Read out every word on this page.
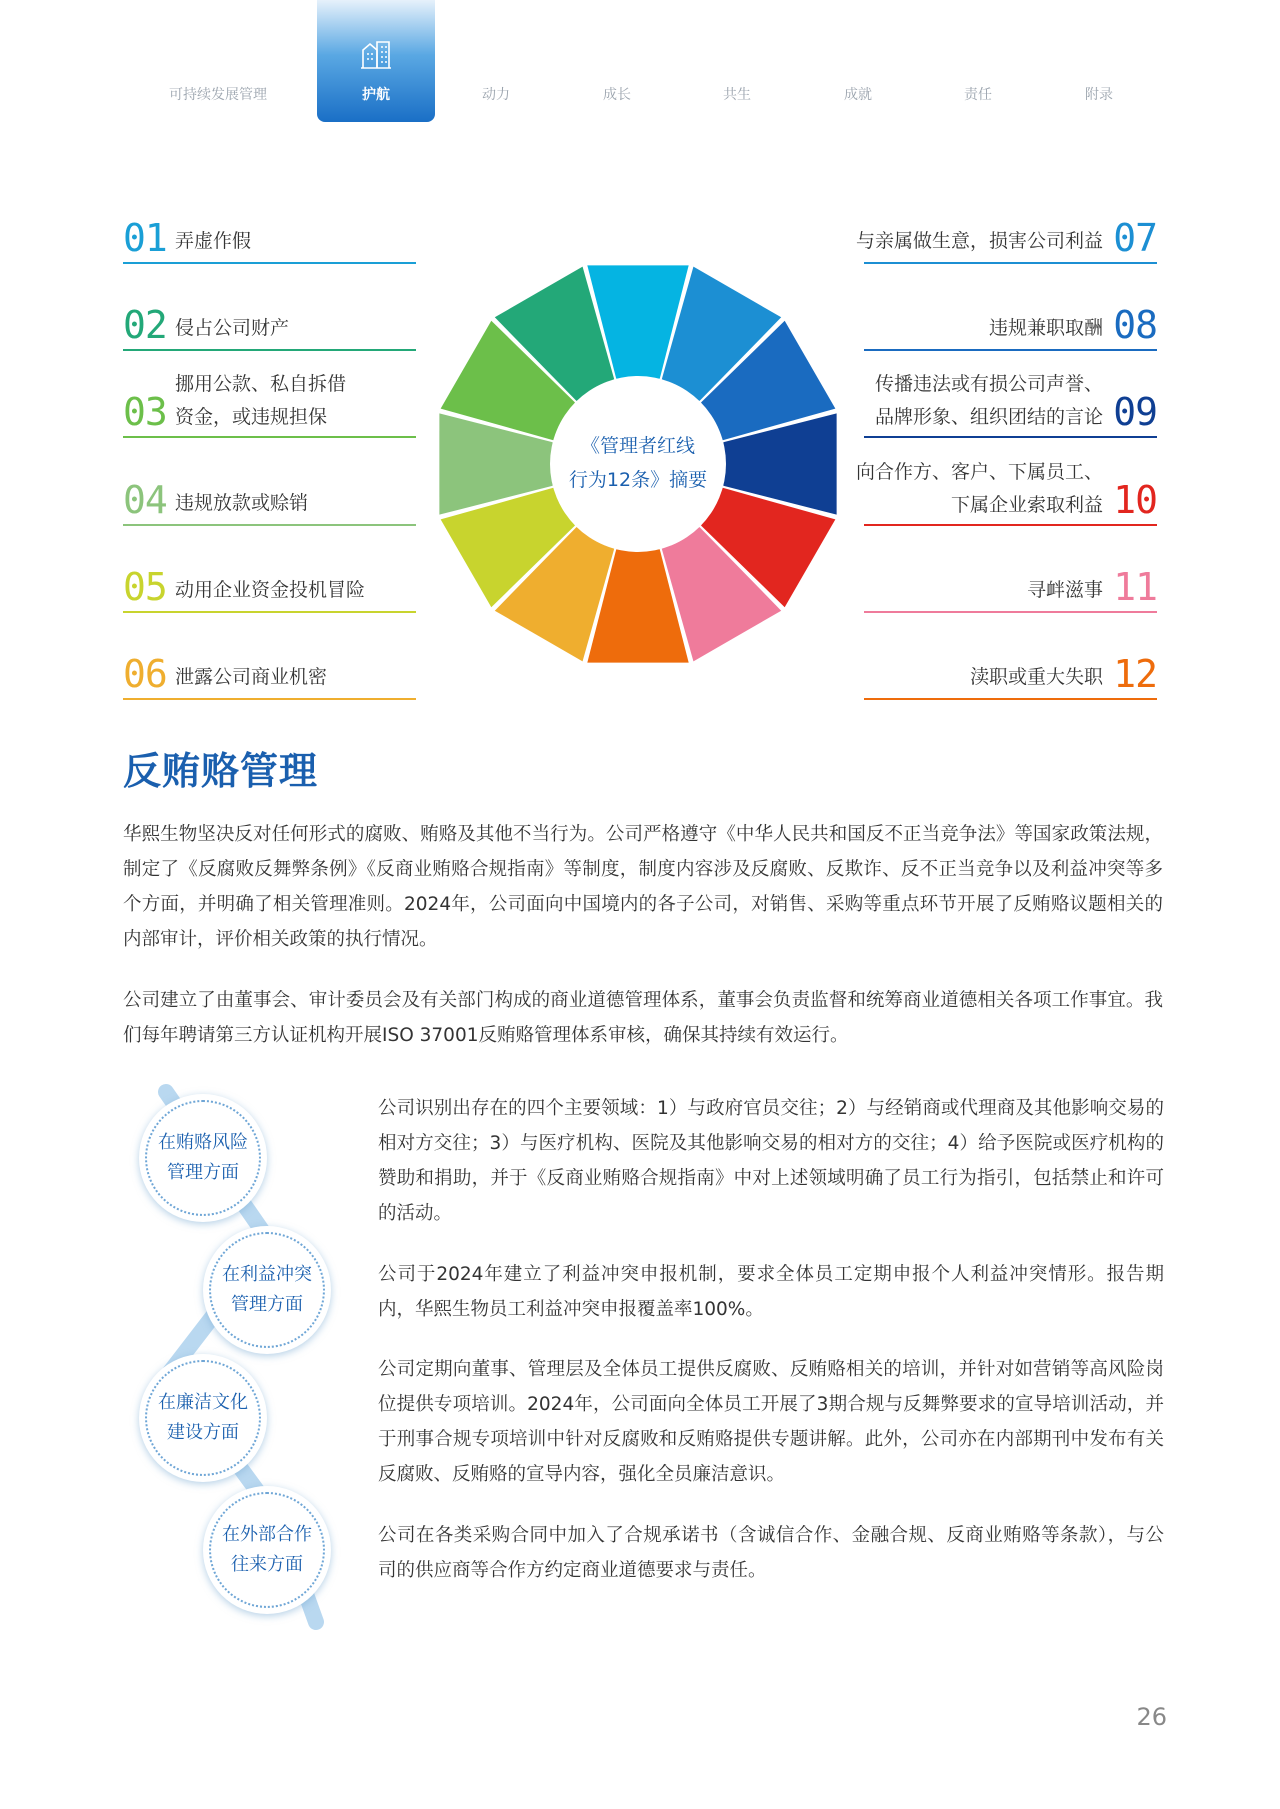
可持续发展管理	护航	动力	成长	共生	成就	责任	附录
01 弄虚作假
02 侵占公司财产
挪用公款、私自拆借
03 资金，或违规担保
04 违规放款或赊销
05 动用企业资金投机冒险
06 泄露公司商业机密
07
与亲属做生意，损害公司利益
08
违规兼职取酬
传播违法或有损公司声誉、
09
品牌形象、组织团结的言论
向合作方、客户、下属员工、
10
下属企业索取利益
11
寻衅滋事
12
渎职或重大失职
《管理者红线
行为12条》摘要
反贿赂管理

华熙生物坚决反对任何形式的腐败、贿赂及其他不当行为。公司严格遵守《中华人民共和国反不正当竞争法》等国家政策法规，制定了《反腐败反舞弊条例》《反商业贿赂合规指南》等制度，制度内容涉及反腐败、反欺诈、反不正当竞争以及利益冲突等多个方面，并明确了相关管理准则。2024年，公司面向中国境内的各子公司，对销售、采购等重点环节开展了反贿赂议题相关的内部审计，评价相关政策的执行情况。

公司建立了由董事会、审计委员会及有关部门构成的商业道德管理体系，董事会负责监督和统筹商业道德相关各项工作事宜。我们每年聘请第三方认证机构开展ISO 37001反贿赂管理体系审核，确保其持续有效运行。

在贿赂风险
管理方面
在利益冲突
管理方面
在廉洁文化
建设方面
在外部合作
往来方面

公司识别出存在的四个主要领域：1）与政府官员交往；2）与经销商或代理商及其他影响交易的相对方交往；3）与医疗机构、医院及其他影响交易的相对方的交往；4）给予医院或医疗机构的赞助和捐助，并于《反商业贿赂合规指南》中对上述领域明确了员工行为指引，包括禁止和许可的活动。

公司于2024年建立了利益冲突申报机制，要求全体员工定期申报个人利益冲突情形。报告期内，华熙生物员工利益冲突申报覆盖率100%。

公司定期向董事、管理层及全体员工提供反腐败、反贿赂相关的培训，并针对如营销等高风险岗位提供专项培训。2024年，公司面向全体员工开展了3期合规与反舞弊要求的宣导培训活动，并于刑事合规专项培训中针对反腐败和反贿赂提供专题讲解。此外，公司亦在内部期刊中发布有关反腐败、反贿赂的宣导内容，强化全员廉洁意识。

公司在各类采购合同中加入了合规承诺书（含诚信合作、金融合规、反商业贿赂等条款），与公司的供应商等合作方约定商业道德要求与责任。

26
